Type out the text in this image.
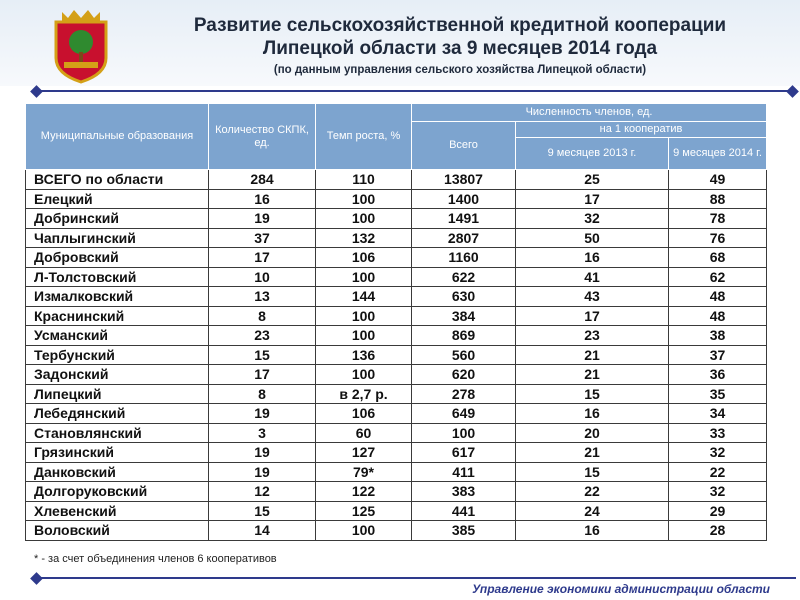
Развитие сельскохозяйственной кредитной кооперации
Липецкой области за 9 месяцев 2014 года
(по данным управления сельского хозяйства Липецкой области)
Муниципальные образования	Количество СКПК, ед.	Темп роста, %	Численность членов, ед.		
			Всего	на 1 кооператив	
				9 месяцев 2013 г.	9 месяцев 2014 г.
ВСЕГО по области	284	110	13807	25	49
Елецкий	16	100	1400	17	88
Добринский	19	100	1491	32	78
Чаплыгинский	37	132	2807	50	76
Добровский	17	106	1160	16	68
Л-Толстовский	10	100	622	41	62
Измалковский	13	144	630	43	48
Краснинский	8	100	384	17	48
Усманский	23	100	869	23	38
Тербунский	15	136	560	21	37
Задонский	17	100	620	21	36
Липецкий	8	в 2,7 р.	278	15	35
Лебедянский	19	106	649	16	34
Становлянский	3	60	100	20	33
Грязинский	19	127	617	21	32
Данковский	19	79*	411	15	22
Долгоруковский	12	122	383	22	32
Хлевенский	15	125	441	24	29
Воловский	14	100	385	16	28
* - за счет объединения членов 6 кооперативов
Управление экономики администрации области
